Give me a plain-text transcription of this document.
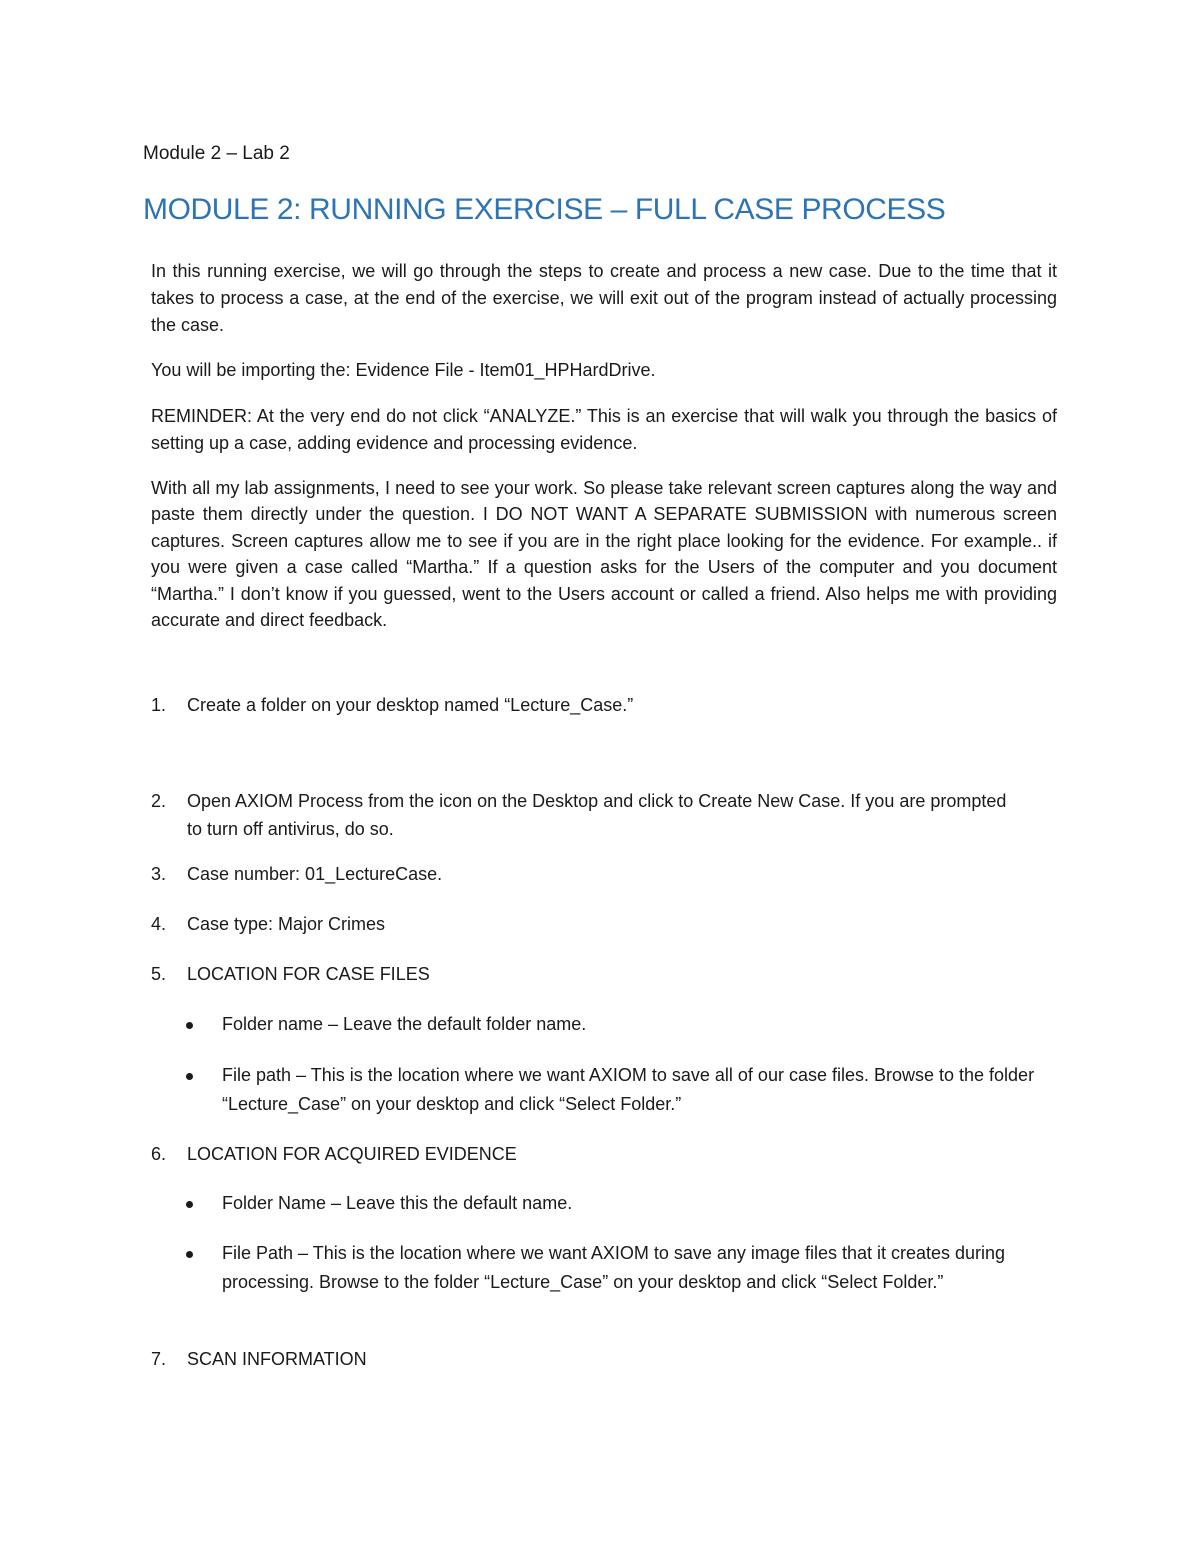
Module 2 – Lab 2
MODULE 2: RUNNING EXERCISE – FULL CASE PROCESS
In this running exercise, we will go through the steps to create and process a new case. Due to the time that it takes to process a case, at the end of the exercise, we will exit out of the program instead of actually processing the case.
You will be importing the: Evidence File - Item01_HPHardDrive.
REMINDER: At the very end do not click “ANALYZE.” This is an exercise that will walk you through the basics of setting up a case, adding evidence and processing evidence.
With all my lab assignments, I need to see your work. So please take relevant screen captures along the way and paste them directly under the question. I DO NOT WANT A SEPARATE SUBMISSION with numerous screen captures. Screen captures allow me to see if you are in the right place looking for the evidence. For example.. if you were given a case called “Martha.” If a question asks for the Users of the computer and you document “Martha.” I don’t know if you guessed, went to the Users account or called a friend. Also helps me with providing accurate and direct feedback.
1.	Create a folder on your desktop named “Lecture_Case.”
2.	Open AXIOM Process from the icon on the Desktop and click to Create New Case. If you are prompted to turn off antivirus, do so.
3.	Case number: 01_LectureCase.
4.	Case type: Major Crimes
5.	LOCATION FOR CASE FILES
Folder name – Leave the default folder name.
File path – This is the location where we want AXIOM to save all of our case files. Browse to the folder “Lecture_Case” on your desktop and click “Select Folder.”
6.	LOCATION FOR ACQUIRED EVIDENCE
Folder Name – Leave this the default name.
File Path – This is the location where we want AXIOM to save any image files that it creates during processing. Browse to the folder “Lecture_Case” on your desktop and click “Select Folder.”
7.	SCAN INFORMATION
